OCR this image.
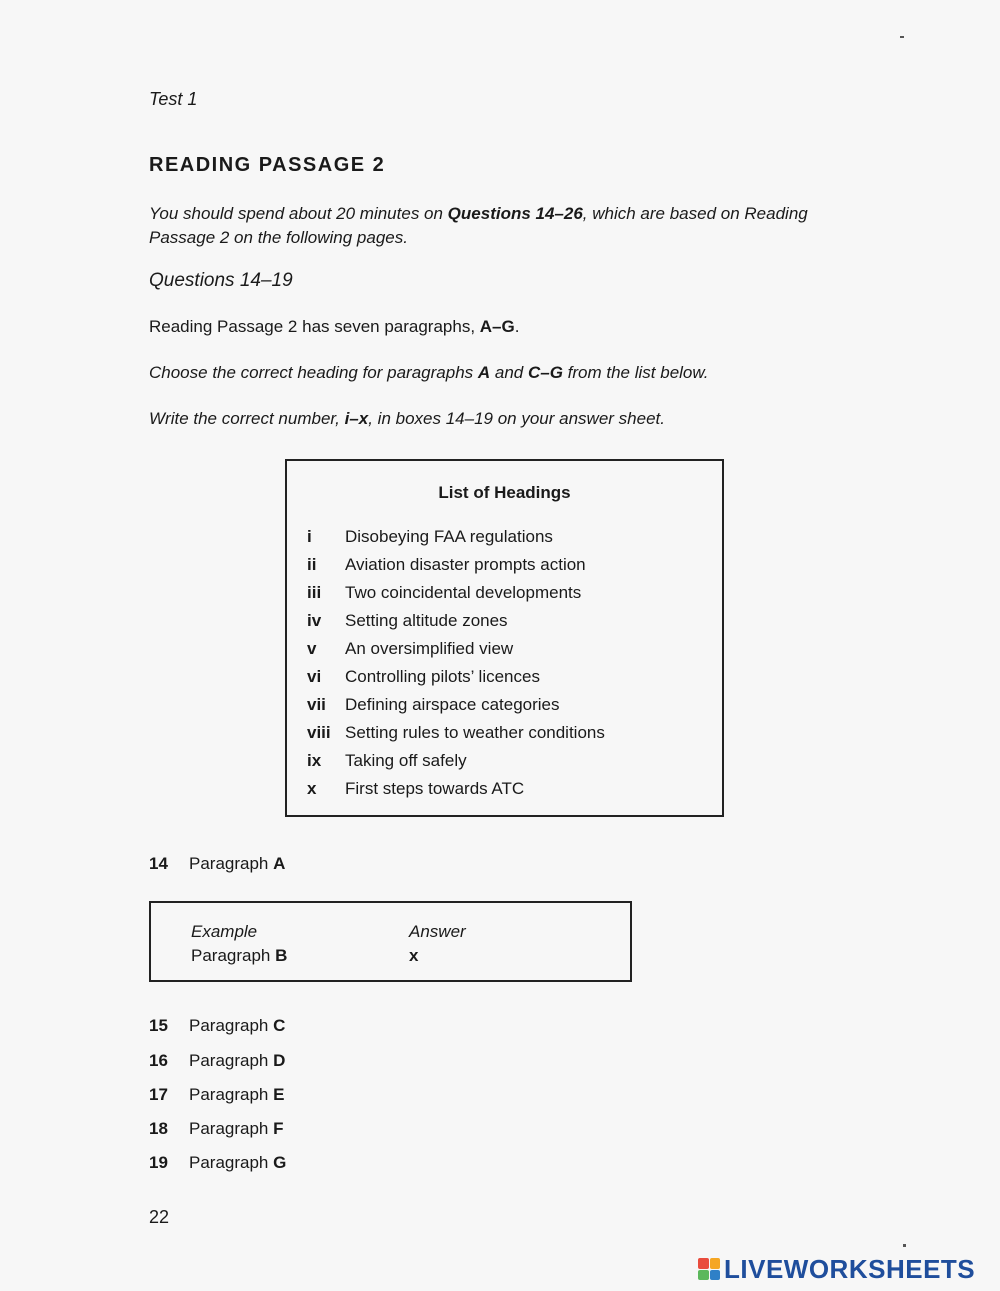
Test 1
READING PASSAGE 2
You should spend about 20 minutes on Questions 14–26, which are based on Reading Passage 2 on the following pages.
Questions 14–19
Reading Passage 2 has seven paragraphs, A–G.
Choose the correct heading for paragraphs A and C–G from the list below.
Write the correct number, i–x, in boxes 14–19 on your answer sheet.
List of Headings
i Disobeying FAA regulations
ii Aviation disaster prompts action
iii Two coincidental developments
iv Setting altitude zones
v An oversimplified view
vi Controlling pilots’ licences
vii Defining airspace categories
viii Setting rules to weather conditions
ix Taking off safely
x First steps towards ATC
14 Paragraph A
Example	Answer
Paragraph B	x
15 Paragraph C
16 Paragraph D
17 Paragraph E
18 Paragraph F
19 Paragraph G
22
LIVEWORKSHEETS
